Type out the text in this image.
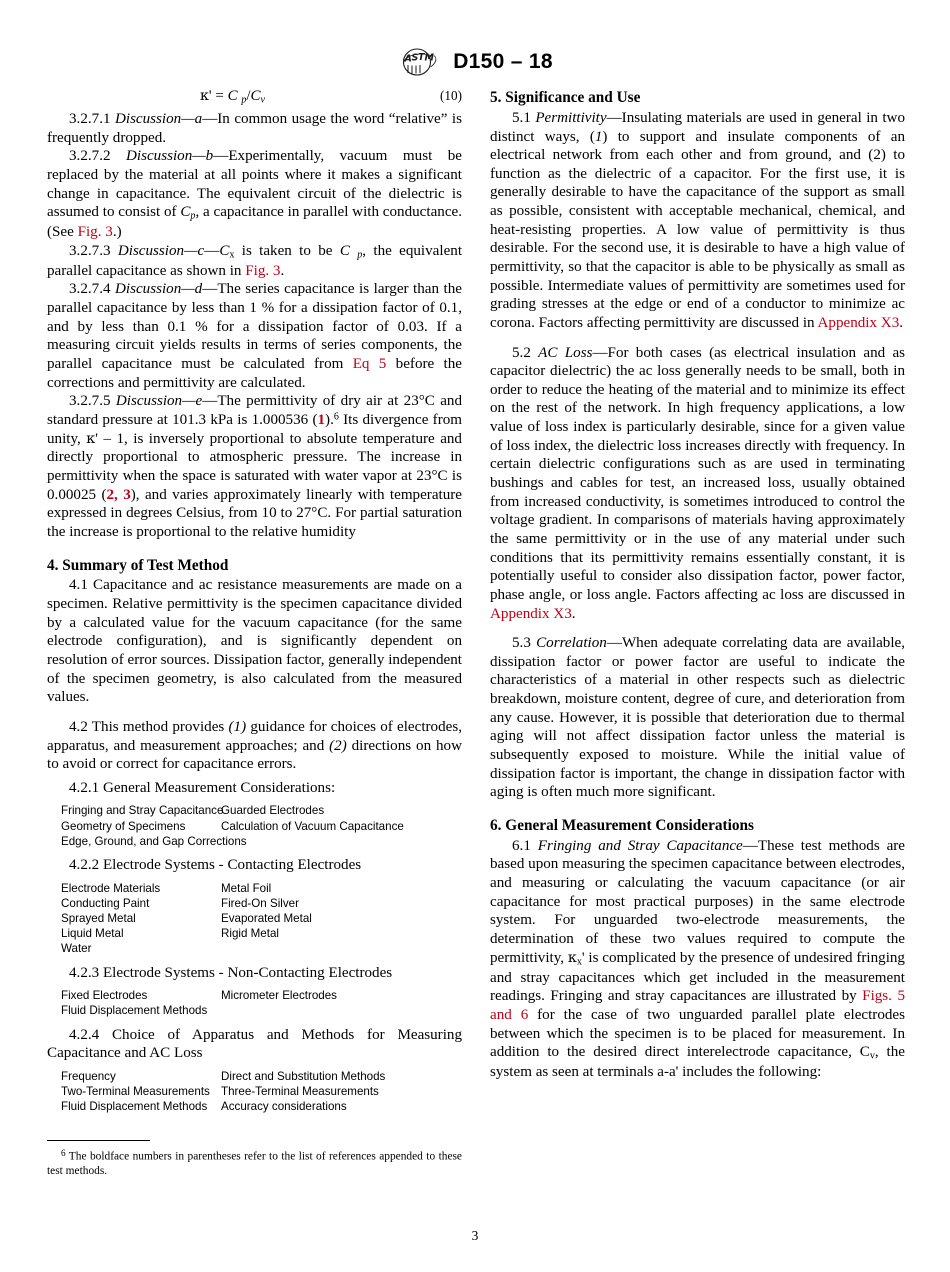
A S T M D150 – 18
κ' = C $_p/C_v$	(10)

3.2.7.1 Discussion—a—In common usage the word “relative” is frequently dropped.

3.2.7.2 Discussion—b—Experimentally, vacuum must be replaced by the material at all points where it makes a significant change in capacitance. The equivalent circuit of the dielectric is assumed to consist of $C_p$, a capacitance in parallel with conductance. (See Fig. 3.)

3.2.7.3 $Discussion—c—C_x$ is taken to be C $_p$, the equivalent parallel capacitance as shown in Fig. 3.

3.2.7.4 Discussion—d—The series capacitance is larger than the parallel capacitance by less than 1 % for a dissipation factor of 0.1, and by less than 0.1 % for a dissipation factor of 0.03. If a measuring circuit yields results in terms of series components, the parallel capacitance must be calculated from Eq 5 before the corrections and permittivity are calculated.

3.2.7.5 Discussion—e—The permittivity of dry air at 23°C and standard pressure at 101.3 kPa is 1.000536 (1).$^6$ Its divergence from unity, κ' – 1, is inversely proportional to absolute temperature and directly proportional to atmospheric pressure. The increase in permittivity when the space is saturated with water vapor at 23°C is 0.00025 (2, 3), and varies approximately linearly with temperature expressed in degrees Celsius, from 10 to 27°C. For partial saturation the increase is proportional to the relative humidity

4. Summary of Test Method

4.1 Capacitance and ac resistance measurements are made on a specimen. Relative permittivity is the specimen capacitance divided by a calculated value for the vacuum capacitance (for the same electrode configuration), and is significantly dependent on resolution of error sources. Dissipation factor, generally independent of the specimen geometry, is also calculated from the measured values.

4.2 This method provides (1) guidance for choices of electrodes, apparatus, and measurement approaches; and (2) directions on how to avoid or correct for capacitance errors.

4.2.1 General Measurement Considerations:

Fringing and Stray Capacitance
Geometry of Specimens
Edge, Ground, and Gap Corrections
Guarded Electrodes
Calculation of Vacuum Capacitance

4.2.2 Electrode Systems - Contacting Electrodes

Electrode Materials
Conducting Paint
Sprayed Metal
Liquid Metal
Water
Metal Foil
Fired-On Silver
Evaporated Metal
Rigid Metal

4.2.3 Electrode Systems - Non-Contacting Electrodes

Fixed Electrodes
Fluid Displacement Methods
Micrometer Electrodes

4.2.4 Choice of Apparatus and Methods for Measuring Capacitance and AC Loss

Frequency
Two-Terminal Measurements
Fluid Displacement Methods
Direct and Substitution Methods
Three-Terminal Measurements
Accuracy considerations
5. Significance and Use

5.1 Permittivity—Insulating materials are used in general in two distinct ways, (1) to support and insulate components of an electrical network from each other and from ground, and (2) to function as the dielectric of a capacitor. For the first use, it is generally desirable to have the capacitance of the support as small as possible, consistent with acceptable mechanical, chemical, and heat-resisting properties. A low value of permittivity is thus desirable. For the second use, it is desirable to have a high value of permittivity, so that the capacitor is able to be physically as small as possible. Intermediate values of permittivity are sometimes used for grading stresses at the edge or end of a conductor to minimize ac corona. Factors affecting permittivity are discussed in Appendix X3.

5.2 AC Loss—For both cases (as electrical insulation and as capacitor dielectric) the ac loss generally needs to be small, both in order to reduce the heating of the material and to minimize its effect on the rest of the network. In high frequency applications, a low value of loss index is particularly desirable, since for a given value of loss index, the dielectric loss increases directly with frequency. In certain dielectric configurations such as are used in terminating bushings and cables for test, an increased loss, usually obtained from increased conductivity, is sometimes introduced to control the voltage gradient. In comparisons of materials having approximately the same permittivity or in the use of any material under such conditions that its permittivity remains essentially constant, it is potentially useful to consider also dissipation factor, power factor, phase angle, or loss angle. Factors affecting ac loss are discussed in Appendix X3.

5.3 Correlation—When adequate correlating data are available, dissipation factor or power factor are useful to indicate the characteristics of a material in other respects such as dielectric breakdown, moisture content, degree of cure, and deterioration from any cause. However, it is possible that deterioration due to thermal aging will not affect dissipation factor unless the material is subsequently exposed to moisture. While the initial value of dissipation factor is important, the change in dissipation factor with aging is often much more significant.

6. General Measurement Considerations

6.1 Fringing and Stray Capacitance—These test methods are based upon measuring the specimen capacitance between electrodes, and measuring or calculating the vacuum capacitance (or air capacitance for most practical purposes) in the same electrode system. For unguarded two-electrode measurements, the determination of these two values required to compute the permittivity, $\kappa_x'$ is complicated by the presence of undesired fringing and stray capacitances which get included in the measurement readings. Fringing and stray capacitances are illustrated by Figs. 5 and 6 for the case of two unguarded parallel plate electrodes between which the specimen is to be placed for measurement. In addition to the desired direct interelectrode capacitance, $C_v$, the system as seen at terminals a-a' includes the following:

$^6$ The boldface numbers in parentheses refer to the list of references appended to these test methods.
3
